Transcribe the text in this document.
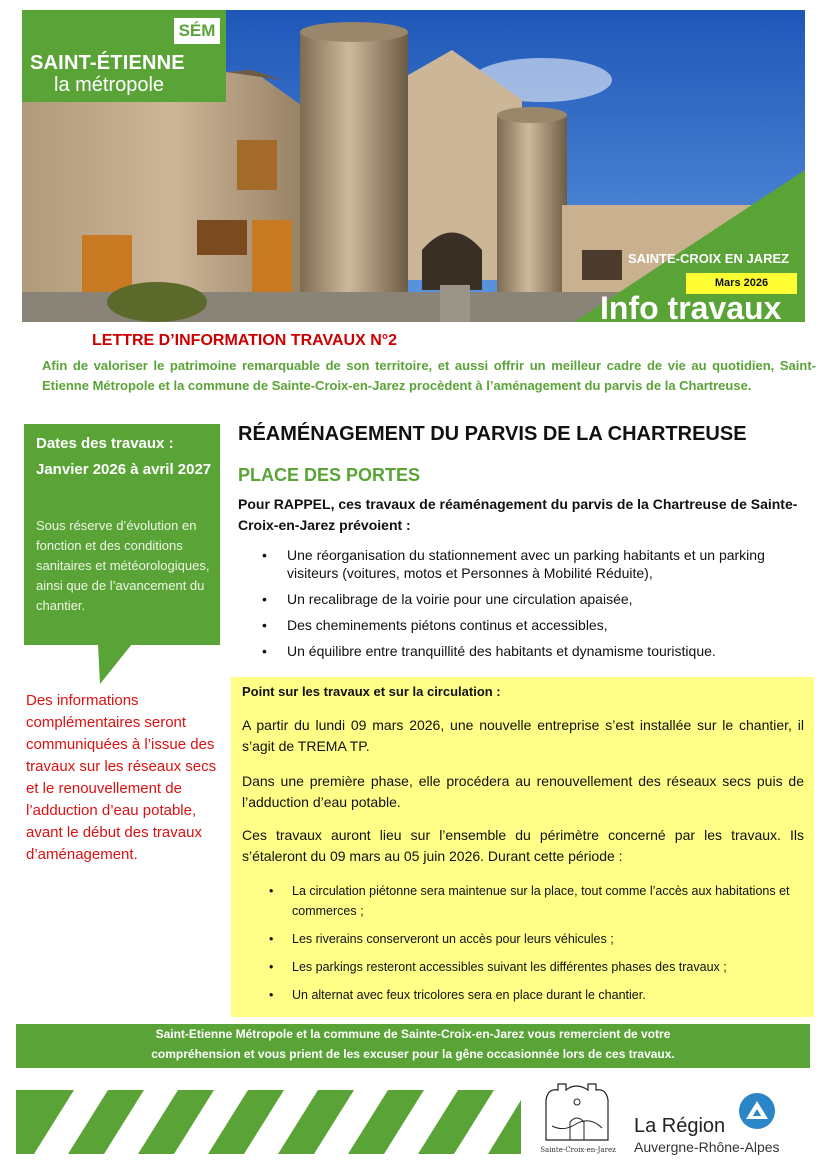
SÉM
SAINT-ÉTIENNE
la métropole
SAINTE-CROIX EN JAREZ
Mars 2026
Info travaux
LETTRE D’INFORMATION TRAVAUX N°2
Afin de valoriser le patrimoine remarquable de son territoire, et aussi offrir un meilleur cadre de vie au quotidien, Saint-Etienne Métropole et la commune de Sainte-Croix-en-Jarez procèdent à l’aménagement du parvis de la Chartreuse.
Dates des travaux : Janvier 2026 à avril 2027
Sous réserve d’évolution en fonction et des conditions sanitaires et météorologiques, ainsi que de l’avancement du chantier.
Des informations complémentaires seront communiquées à l’issue des travaux sur les réseaux secs et le renouvellement de l’adduction d’eau potable, avant le début des travaux d’aménagement.
RÉAMÉNAGEMENT DU PARVIS DE LA CHARTREUSE
PLACE DES PORTES
Pour RAPPEL, ces travaux de réaménagement du parvis de la Chartreuse de Sainte-Croix-en-Jarez prévoient :
• Une réorganisation du stationnement avec un parking habitants et un parking visiteurs (voitures, motos et Personnes à Mobilité Réduite),
• Un recalibrage de la voirie pour une circulation apaisée,
• Des cheminements piétons continus et accessibles,
• Un équilibre entre tranquillité des habitants et dynamisme touristique.
Point sur les travaux et sur la circulation :
A partir du lundi 09 mars 2026, une nouvelle entreprise s’est installée sur le chantier, il s’agit de TREMA TP.
Dans une première phase, elle procédera au renouvellement des réseaux secs puis de l’adduction d’eau potable.
Ces travaux auront lieu sur l’ensemble du périmètre concerné par les travaux. Ils s’étaleront du 09 mars au 05 juin 2026. Durant cette période :
• La circulation piétonne sera maintenue sur la place, tout comme l’accès aux habitations et commerces ;
• Les riverains conserveront un accès pour leurs véhicules ;
• Les parkings resteront accessibles suivant les différentes phases des travaux ;
• Un alternat avec feux tricolores sera en place durant le chantier.
Saint-Etienne Métropole et la commune de Sainte-Croix-en-Jarez vous remercient de votre
compréhension et vous prient de les excuser pour la gêne occasionnée lors de ces travaux.
Sainte-Croix-en-Jarez
La Région
Auvergne-Rhône-Alpes
